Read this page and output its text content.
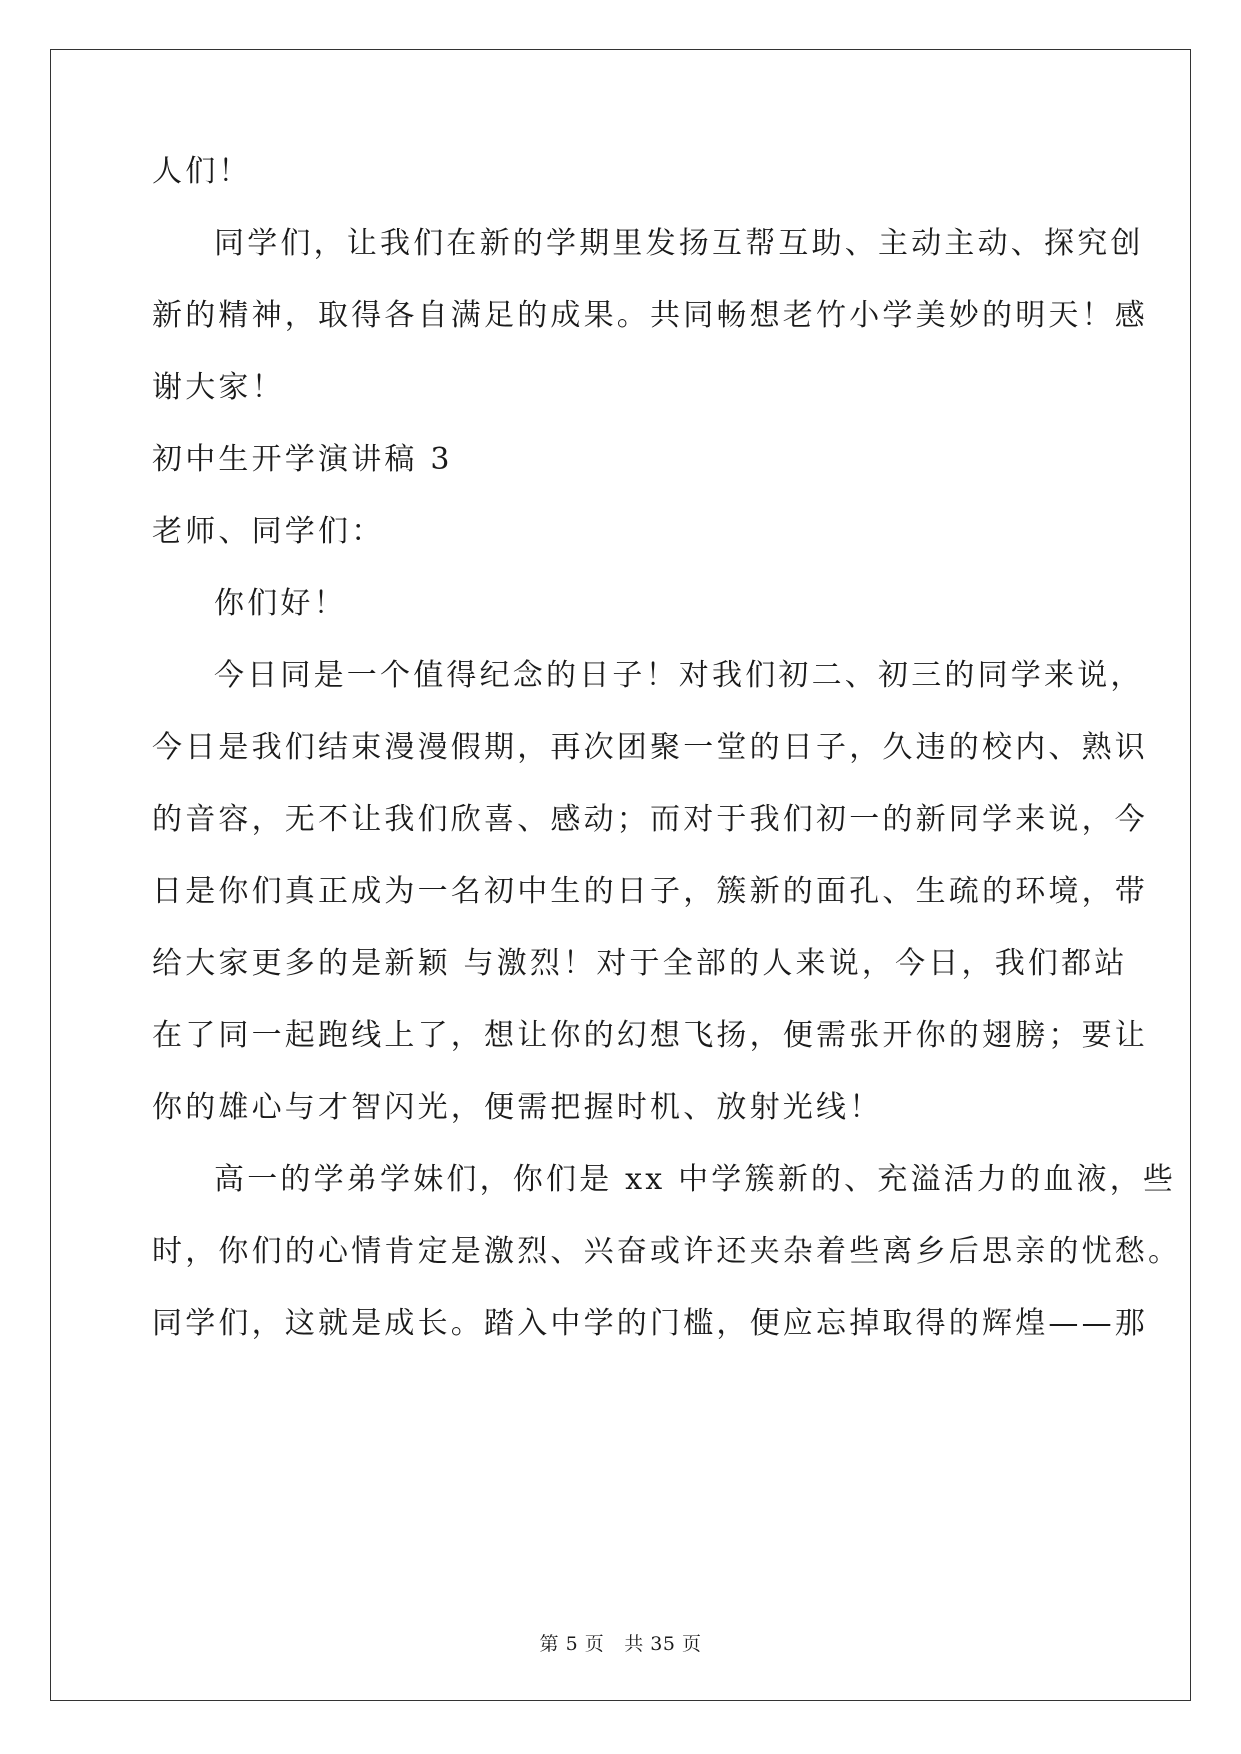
人们！
同学们，让我们在新的学期里发扬互帮互助、主动主动、探究创
新的精神，取得各自满足的成果。共同畅想老竹小学美妙的明天！感
谢大家！
初中生开学演讲稿 3
老师、同学们：
你们好！
今日同是一个值得纪念的日子！对我们初二、初三的同学来说，
今日是我们结束漫漫假期，再次团聚一堂的日子，久违的校内、熟识
的音容，无不让我们欣喜、感动；而对于我们初一的新同学来说，今
日是你们真正成为一名初中生的日子，簇新的面孔、生疏的环境，带
给大家更多的是新颖 与激烈！对于全部的人来说，今日，我们都站
在了同一起跑线上了，想让你的幻想飞扬，便需张开你的翅膀；要让
你的雄心与才智闪光，便需把握时机、放射光线！
高一的学弟学妹们，你们是 xx 中学簇新的、充溢活力的血液，些
时，你们的心情肯定是激烈、兴奋或许还夹杂着些离乡后思亲的忧愁。
同学们，这就是成长。踏入中学的门槛，便应忘掉取得的辉煌——那
第 5 页 共 35 页
